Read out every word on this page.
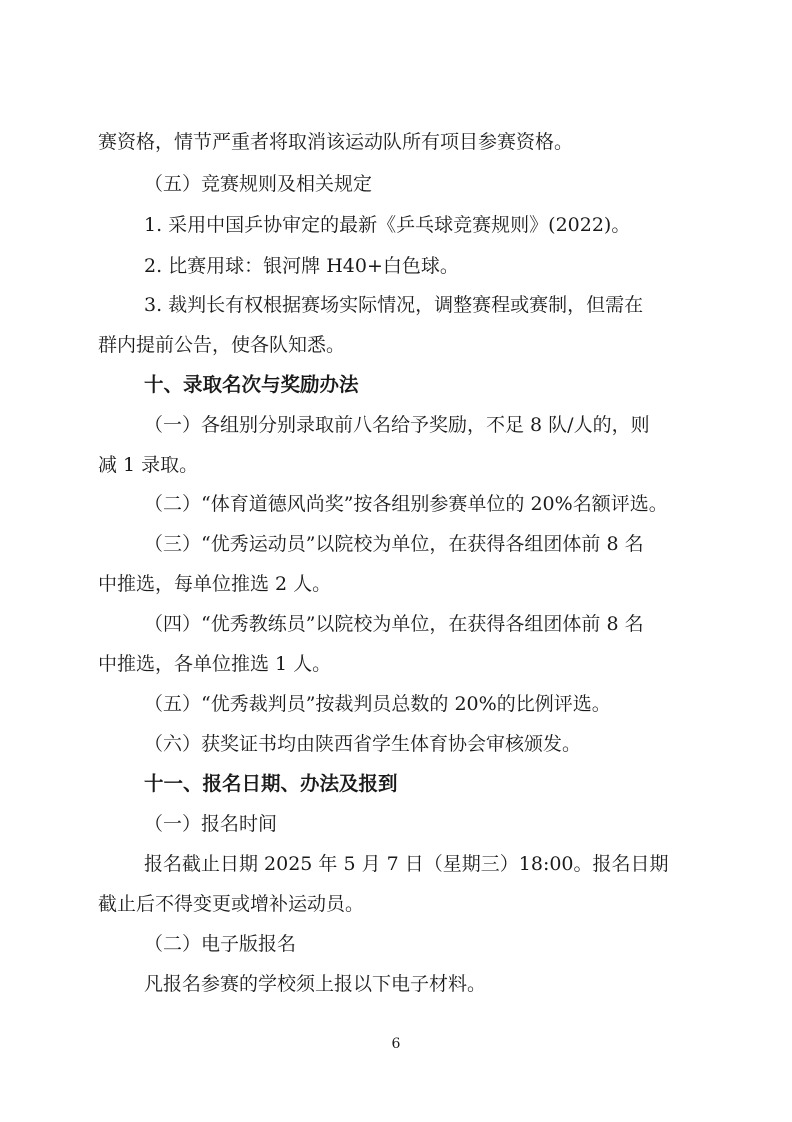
赛资格，情节严重者将取消该运动队所有项目参赛资格。
（五）竞赛规则及相关规定
1. 采用中国乒协审定的最新《乒乓球竞赛规则》(2022)。
2. 比赛用球：银河牌 H40+白色球。
3. 裁判长有权根据赛场实际情况，调整赛程或赛制，但需在
群内提前公告，使各队知悉。
十、录取名次与奖励办法
（一）各组别分别录取前八名给予奖励，不足 8 队/人的，则
减 1 录取。
（二）“体育道德风尚奖”按各组别参赛单位的 20%名额评选。
（三）“优秀运动员”以院校为单位，在获得各组团体前 8 名
中推选，每单位推选 2 人。
（四）“优秀教练员”以院校为单位，在获得各组团体前 8 名
中推选，各单位推选 1 人。
（五）“优秀裁判员”按裁判员总数的 20%的比例评选。
（六）获奖证书均由陕西省学生体育协会审核颁发。
十一、报名日期、办法及报到
（一）报名时间
报名截止日期 2025 年 5 月 7 日（星期三）18:00。报名日期
截止后不得变更或增补运动员。
（二）电子版报名
凡报名参赛的学校须上报以下电子材料。
6
